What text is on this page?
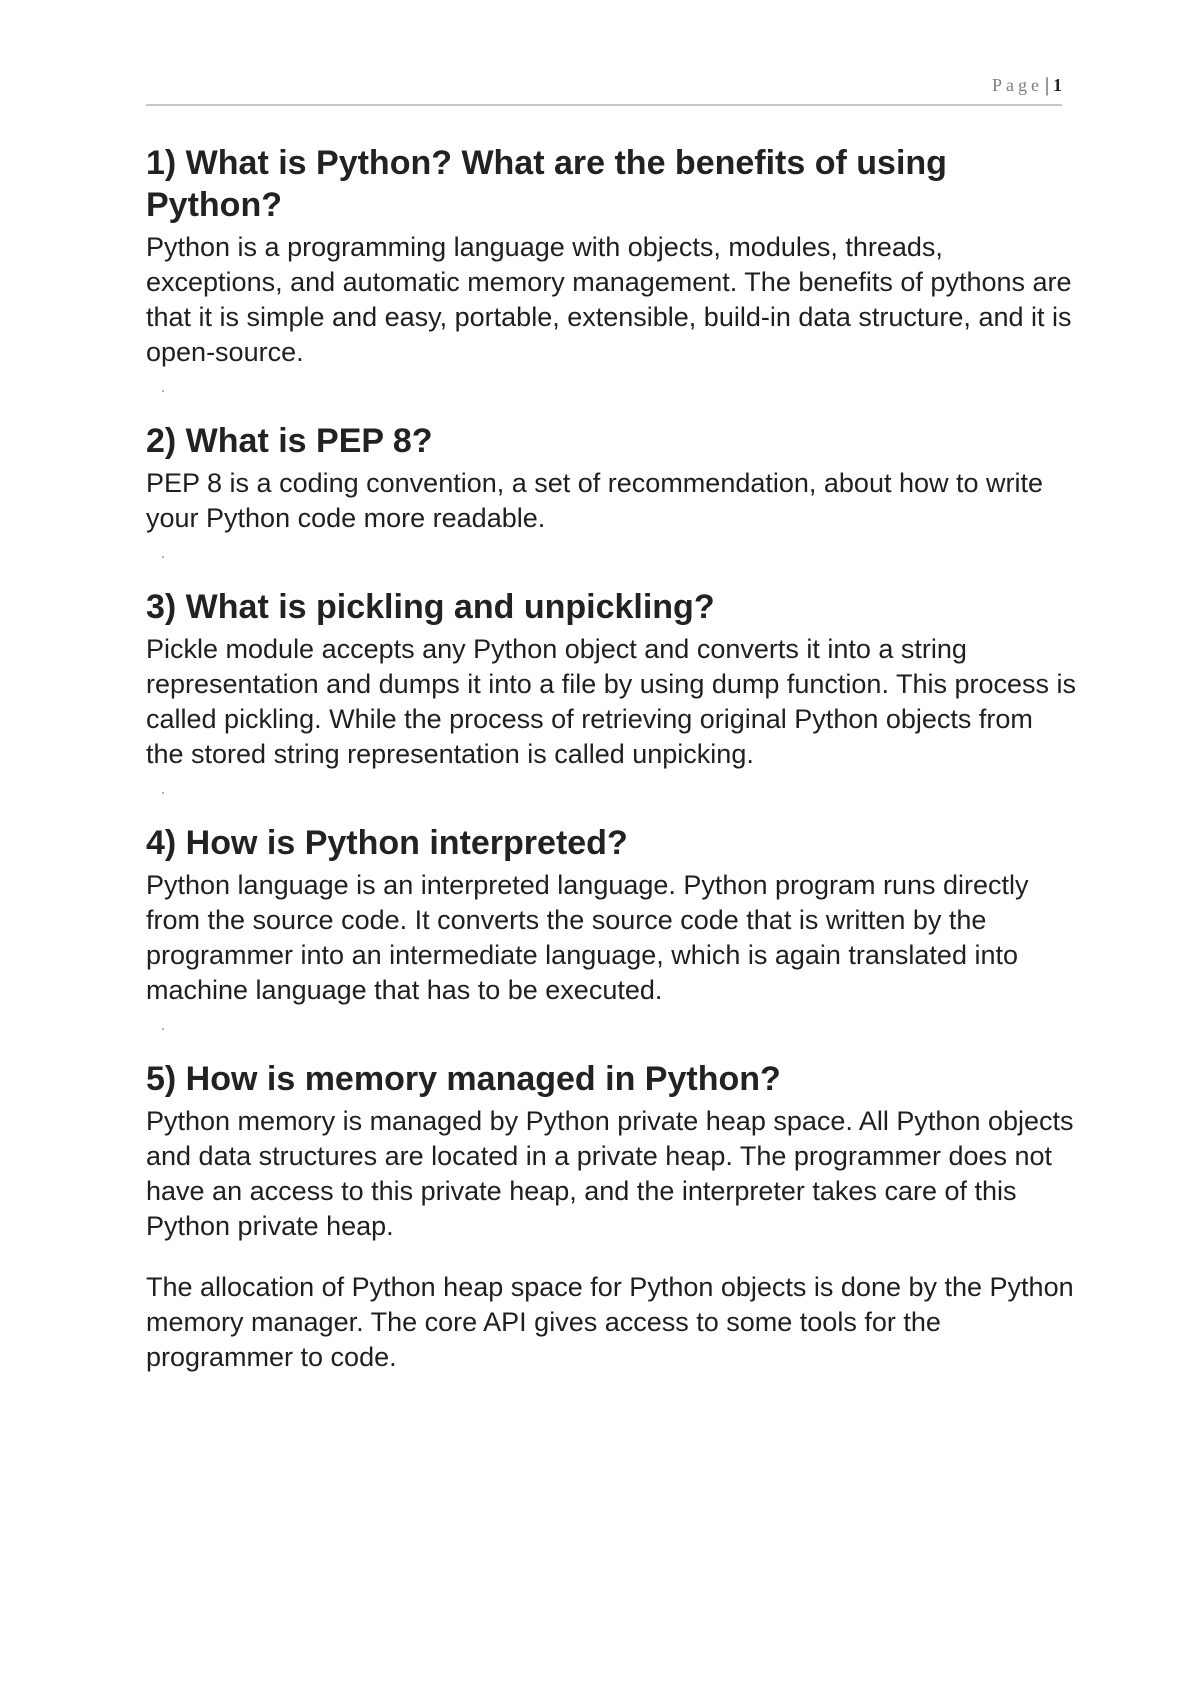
Page | 1
1) What is Python? What are the benefits of using Python?

Python is a programming language with objects, modules, threads, exceptions, and automatic memory management. The benefits of pythons are that it is simple and easy, portable, extensible, build-in data structure, and it is open-source.

2) What is PEP 8?

PEP 8 is a coding convention, a set of recommendation, about how to write your Python code more readable.

3) What is pickling and unpickling?

Pickle module accepts any Python object and converts it into a string representation and dumps it into a file by using dump function. This process is called pickling. While the process of retrieving original Python objects from the stored string representation is called unpicking.

4) How is Python interpreted?

Python language is an interpreted language. Python program runs directly from the source code. It converts the source code that is written by the programmer into an intermediate language, which is again translated into machine language that has to be executed.

5) How is memory managed in Python?

Python memory is managed by Python private heap space. All Python objects and data structures are located in a private heap. The programmer does not have an access to this private heap, and the interpreter takes care of this Python private heap.

The allocation of Python heap space for Python objects is done by the Python memory manager. The core API gives access to some tools for the programmer to code.
